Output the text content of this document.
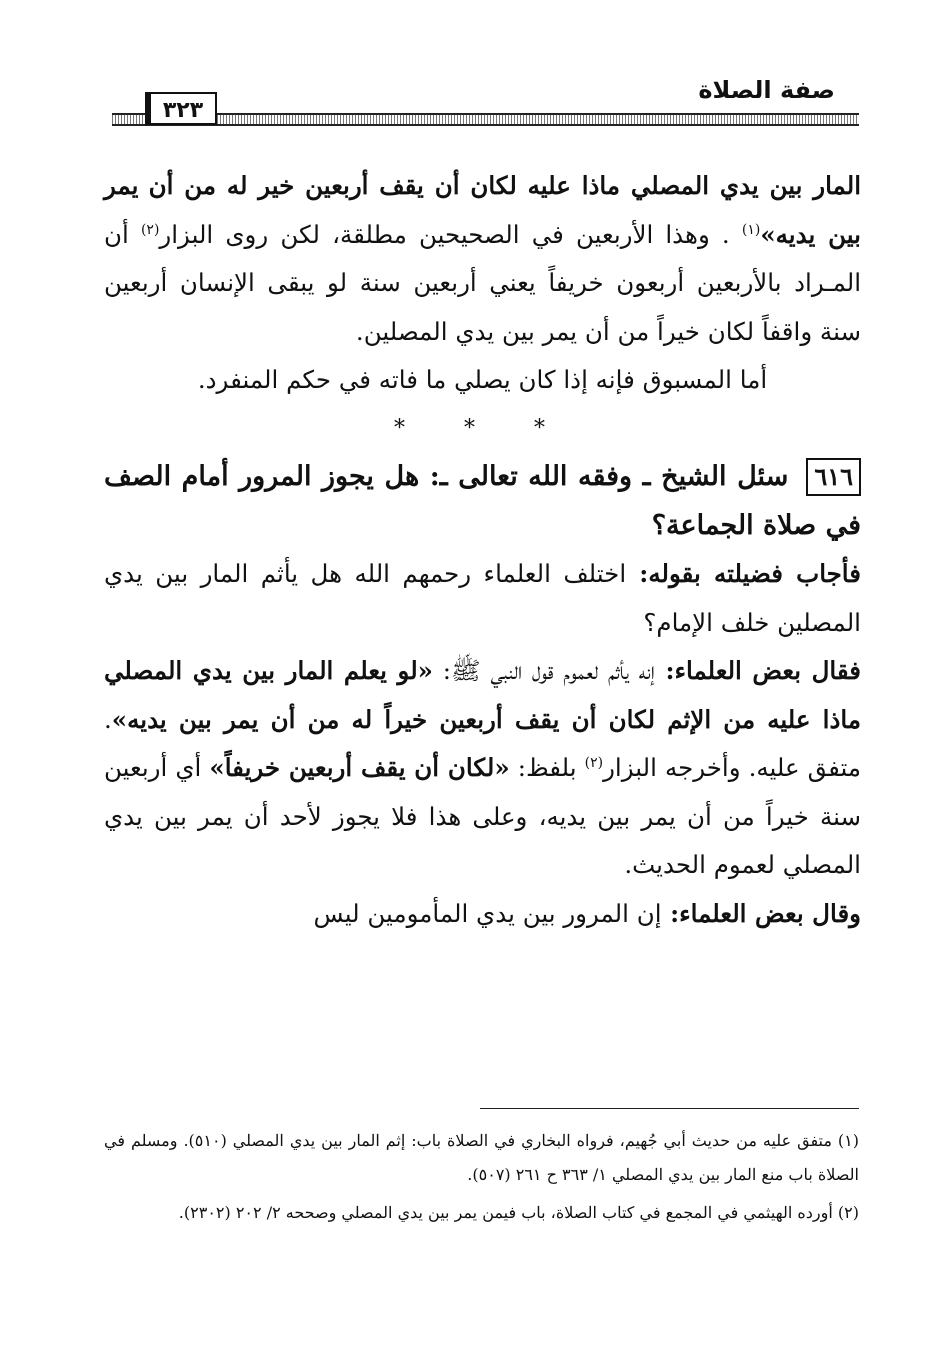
صفة الصلاة
٣٢٣

المار بين يدي المصلي ماذا عليه لكان أن يقف أربعين خير له من أن يمر بين يديه»$^{(١)}$ . وهذا الأربعين في الصحيحين مطلقة، لكن روى البزار$^{(٢)}$ أن المـراد بالأربعين أربعون خريفاً يعني أربعين سنة لو يبقى الإنسان أربعين سنة واقفاً لكان خيراً من أن يمر بين يدي المصلين.

أما المسبوق فإنه إذا كان يصلي ما فاته في حكم المنفرد.

* * *

٦١٦سئل الشيخ ـ وفقه الله تعالى ـ: هل يجوز المرور أمام الصف في صلاة الجماعة؟

فأجاب فضيلته بقوله: اختلف العلماء رحمهم الله هل يأثم المار بين يدي المصلين خلف الإمام؟

فقال بعض العلماء: إنه يأثم لعموم قول النبي ﷺ: «لو يعلم المار بين يدي المصلي ماذا عليه من الإثم لكان أن يقف أربعين خيراً له من أن يمر بين يديه». متفق عليه. وأخرجه البزار$^{(٢)}$ بلفظ: «لكان أن يقف أربعين خريفاً» أي أربعين سنة خيراً من أن يمر بين يديه، وعلى هذا فلا يجوز لأحد أن يمر بين يدي المصلي لعموم الحديث.

وقال بعض العلماء: إن المرور بين يدي المأمومين ليس

(١) متفق عليه من حديث أبي جُهيم، فرواه البخاري في الصلاة باب: إثم المار بين يدي المصلي (٥١٠). ومسلم في الصلاة باب منع المار بين يدي المصلي ١/ ٣٦٣ ح ٢٦١ (٥٠٧).

(٢) أورده الهيثمي في المجمع في كتاب الصلاة، باب فيمن يمر بين يدي المصلي وصححه ٢/ ٢٠٢ (٢٣٠٢).
